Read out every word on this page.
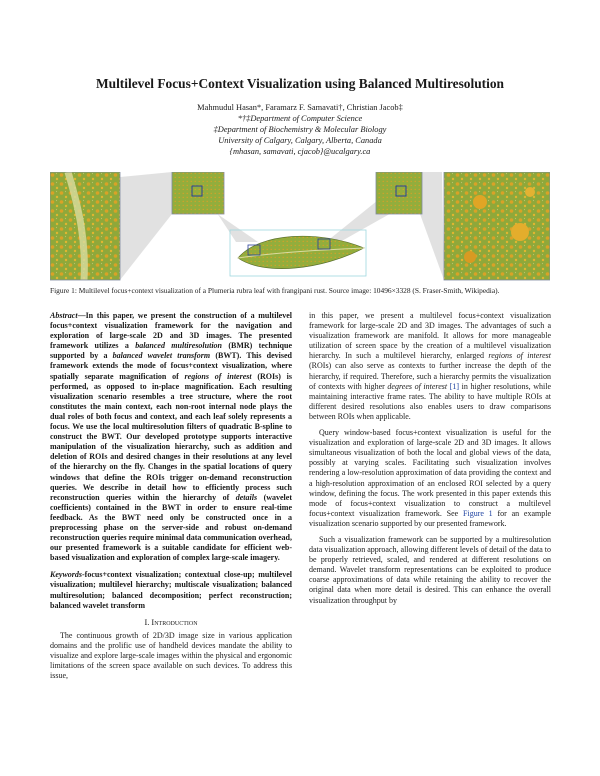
Multilevel Focus+Context Visualization using Balanced Multiresolution
Mahmudul Hasan*, Faramarz F. Samavati†, Christian Jacob‡
*†‡Department of Computer Science
‡Department of Biochemistry & Molecular Biology
University of Calgary, Calgary, Alberta, Canada
{mhasan, samavati, cjacob}@ucalgary.ca
Figure 1: Multilevel focus+context visualization of a Plumeria rubra leaf with frangipani rust. Source image: 10496×3328 (S. Fraser-Smith, Wikipedia).
Abstract—In this paper, we present the construction of a multilevel focus+context visualization framework for the navigation and exploration of large-scale 2D and 3D images. The presented framework utilizes a balanced multiresolution (BMR) technique supported by a balanced wavelet transform (BWT). This devised framework extends the mode of focus+context visualization, where spatially separate magnification of regions of interest (ROIs) is performed, as opposed to in-place magnification. Each resulting visualization scenario resembles a tree structure, where the root constitutes the main context, each non-root internal node plays the dual roles of both focus and context, and each leaf solely represents a focus. We use the local multiresolution filters of quadratic B-spline to construct the BWT. Our developed prototype supports interactive manipulation of the visualization hierarchy, such as addition and deletion of ROIs and desired changes in their resolutions at any level of the hierarchy on the fly. Changes in the spatial locations of query windows that define the ROIs trigger on-demand reconstruction queries. We describe in detail how to efficiently process such reconstruction queries within the hierarchy of details (wavelet coefficients) contained in the BWT in order to ensure real-time feedback. As the BWT need only be constructed once in a preprocessing phase on the server-side and robust on-demand reconstruction queries require minimal data communication overhead, our presented framework is a suitable candidate for efficient web-based visualization and exploration of complex large-scale imagery.
Keywords-focus+context visualization; contextual close-up; multilevel visualization; multilevel hierarchy; multiscale visualization; balanced multiresolution; balanced decomposition; perfect reconstruction; balanced wavelet transform
I. Introduction

The continuous growth of 2D/3D image size in various application domains and the prolific use of handheld devices mandate the ability to visualize and explore large-scale images within the physical and ergonomic limitations of the screen space available on such devices. To address this issue,

in this paper, we present a multilevel focus+context visualization framework for large-scale 2D and 3D images. The advantages of such a visualization framework are manifold. It allows for more manageable utilization of screen space by the creation of a multilevel visualization hierarchy. In such a multilevel hierarchy, enlarged regions of interest (ROIs) can also serve as contexts to further increase the depth of the hierarchy, if required. Therefore, such a hierarchy permits the visualization of contexts with higher degrees of interest [1] in higher resolutions, while maintaining interactive frame rates. The ability to have multiple ROIs at different desired resolutions also enables users to draw comparisons between ROIs when applicable.

Query window-based focus+context visualization is useful for the visualization and exploration of large-scale 2D and 3D images. It allows simultaneous visualization of both the local and global views of the data, possibly at varying scales. Facilitating such visualization involves rendering a low-resolution approximation of data providing the context and a high-resolution approximation of an enclosed ROI selected by a query window, defining the focus. The work presented in this paper extends this mode of focus+context visualization to construct a multilevel focus+context visualization framework. See Figure 1 for an example visualization scenario supported by our presented framework.

Such a visualization framework can be supported by a multiresolution data visualization approach, allowing different levels of detail of the data to be properly retrieved, scaled, and rendered at different resolutions on demand. Wavelet transform representations can be exploited to produce coarse approximations of data while retaining the ability to recover the original data when more detail is desired. This can enhance the overall visualization throughput by
